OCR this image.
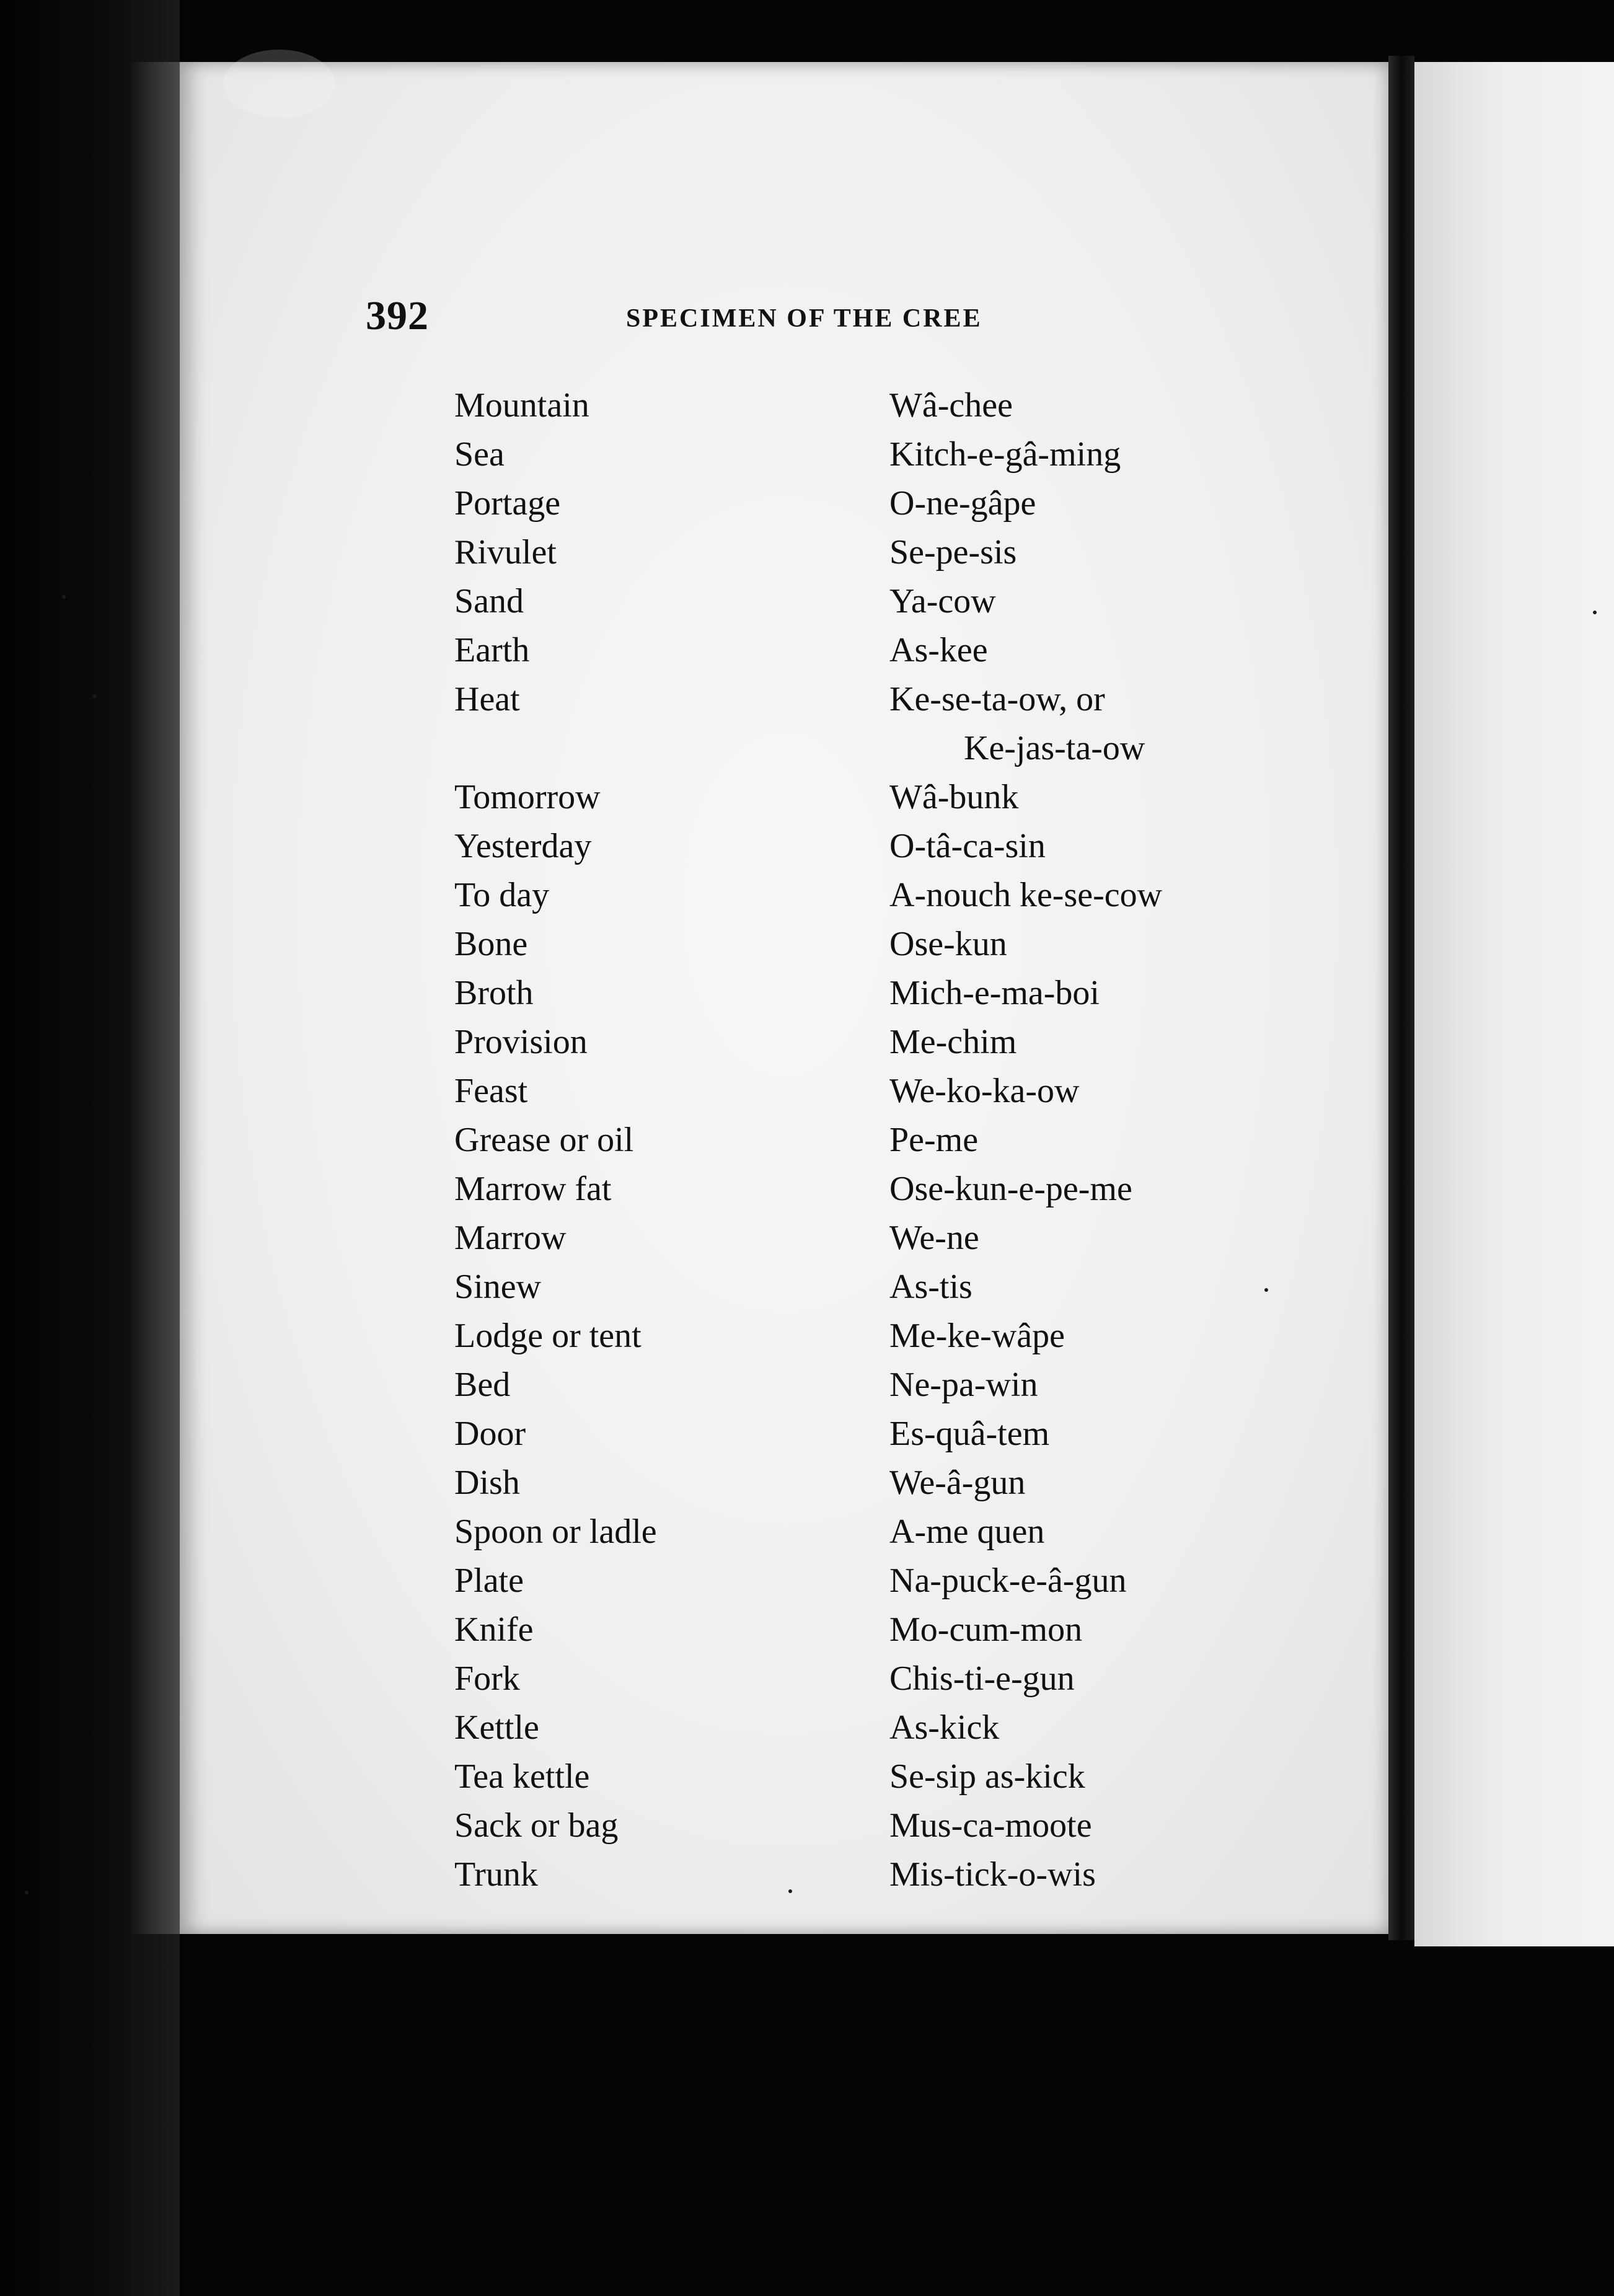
392	SPECIMEN OF THE CREE
Mountain	Wâ-chee
Sea	Kitch-e-gâ-ming
Portage	O-ne-gâpe
Rivulet	Se-pe-sis
Sand	Ya-cow
Earth	As-kee
Heat	Ke-se-ta-ow, or
Ke-jas-ta-ow
Tomorrow	Wâ-bunk
Yesterday	O-tâ-ca-sin
To day	A-nouch ke-se-cow
Bone	Ose-kun
Broth	Mich-e-ma-boi
Provision	Me-chim
Feast	We-ko-ka-ow
Grease or oil	Pe-me
Marrow fat	Ose-kun-e-pe-me
Marrow	We-ne
Sinew	As-tis
Lodge or tent	Me-ke-wâpe
Bed	Ne-pa-win
Door	Es-quâ-tem
Dish	We-â-gun
Spoon or ladle	A-me quen
Plate	Na-puck-e-â-gun
Knife	Mo-cum-mon
Fork	Chis-ti-e-gun
Kettle	As-kick
Tea kettle	Se-sip as-kick
Sack or bag	Mus-ca-moote
Trunk	Mis-tick-o-wis
